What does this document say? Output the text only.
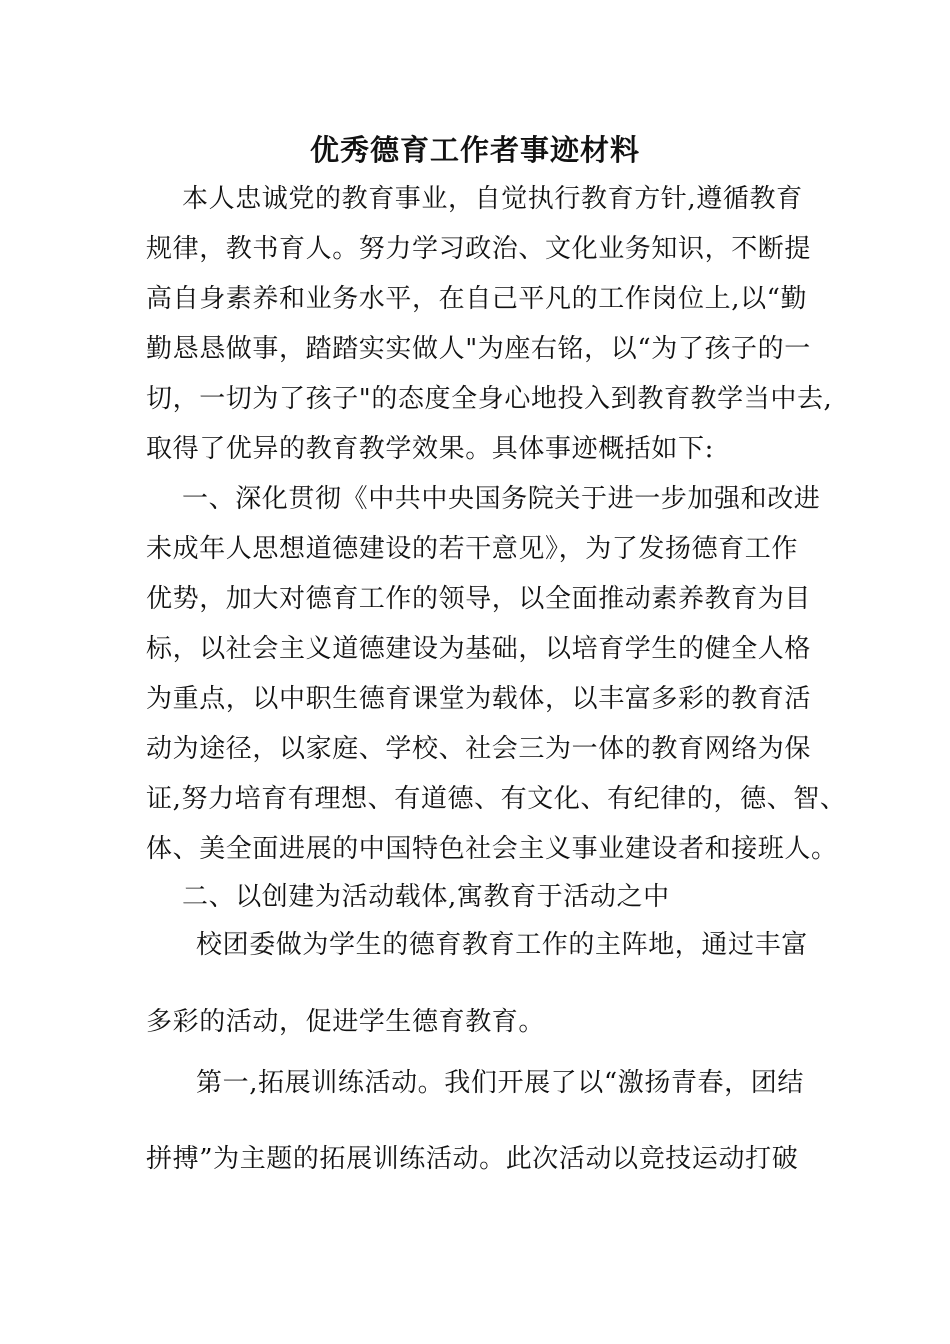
优秀德育工作者事迹材料

本人忠诚党的教育事业，自觉执行教育方针,遵循教育

规律，教书育人。努力学习政治、文化业务知识，不断提

高自身素养和业务水平，在自己平凡的工作岗位上,以“勤

勤恳恳做事，踏踏实实做人"为座右铭，以“为了孩子的一

切，一切为了孩子"的态度全身心地投入到教育教学当中去,

取得了优异的教育教学效果。具体事迹概括如下:

一、深化贯彻《中共中央国务院关于进一步加强和改进

未成年人思想道德建设的若干意见》，为了发扬德育工作

优势，加大对德育工作的领导，以全面推动素养教育为目

标，以社会主义道德建设为基础，以培育学生的健全人格

为重点，以中职生德育课堂为载体，以丰富多彩的教育活

动为途径，以家庭、学校、社会三为一体的教育网络为保

证,努力培育有理想、有道德、有文化、有纪律的，德、智、

体、美全面进展的中国特色社会主义事业建设者和接班人。

二、以创建为活动载体,寓教育于活动之中

校团委做为学生的德育教育工作的主阵地，通过丰富

多彩的活动，促进学生德育教育。

第一,拓展训练活动。我们开展了以“激扬青春，团结

拼搏”为主题的拓展训练活动。此次活动以竞技运动打破
